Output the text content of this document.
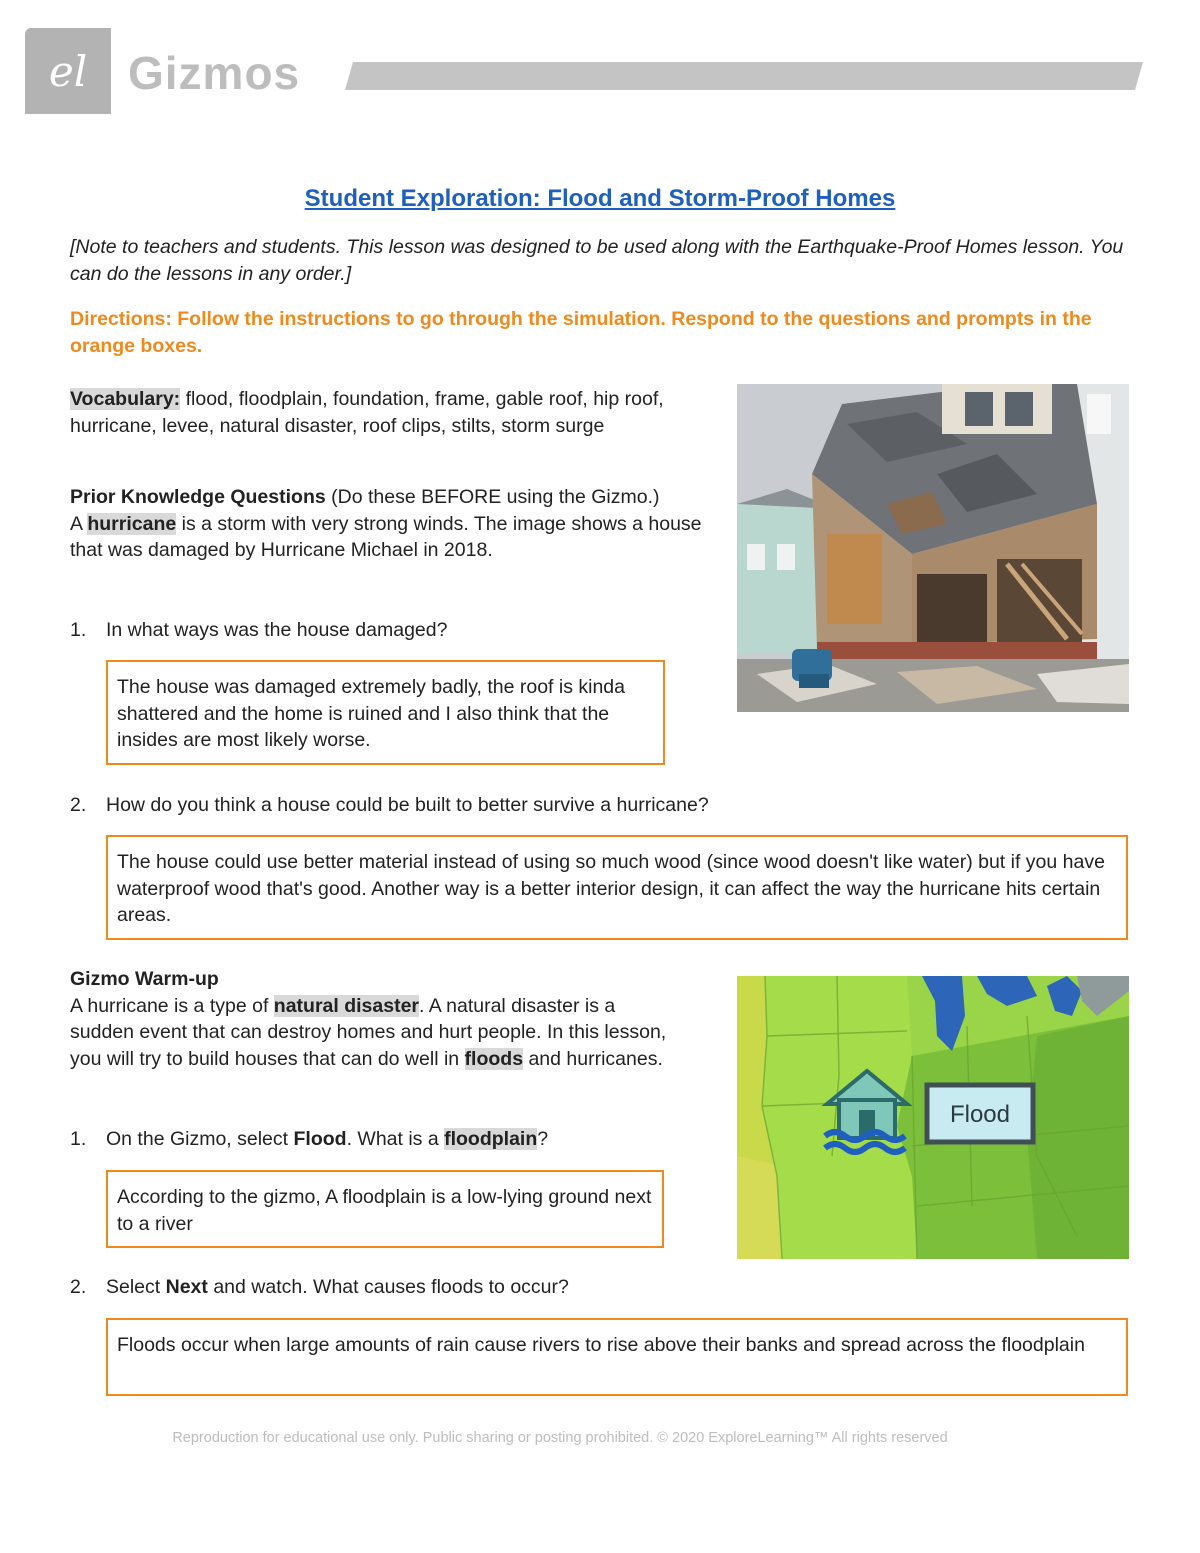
el Gizmos
Student Exploration: Flood and Storm-Proof Homes
[Note to teachers and students. This lesson was designed to be used along with the Earthquake-Proof Homes lesson. You can do the lessons in any order.]
Directions: Follow the instructions to go through the simulation. Respond to the questions and prompts in the orange boxes.
Vocabulary: flood, floodplain, foundation, frame, gable roof, hip roof, hurricane, levee, natural disaster, roof clips, stilts, storm surge
Prior Knowledge Questions (Do these BEFORE using the Gizmo.)
A hurricane is a storm with very strong winds. The image shows a house that was damaged by Hurricane Michael in 2018.
1. In what ways was the house damaged?
The house was damaged extremely badly, the roof is kinda shattered and the home is ruined and I also think that the insides are most likely worse.
2. How do you think a house could be built to better survive a hurricane?
The house could use better material instead of using so much wood (since wood doesn't like water) but if you have waterproof wood that's good. Another way is a better interior design, it can affect the way the hurricane hits certain areas.
Gizmo Warm-up
A hurricane is a type of natural disaster. A natural disaster is a sudden event that can destroy homes and hurt people. In this lesson, you will try to build houses that can do well in floods and hurricanes.
1. On the Gizmo, select Flood. What is a floodplain?
According to the gizmo, A floodplain is a low-lying ground next to a river
2. Select Next and watch. What causes floods to occur?
Floods occur when large amounts of rain cause rivers to rise above their banks and spread across the floodplain
Flood
Reproduction for educational use only. Public sharing or posting prohibited. © 2020 ExploreLearning™ All rights reserved
